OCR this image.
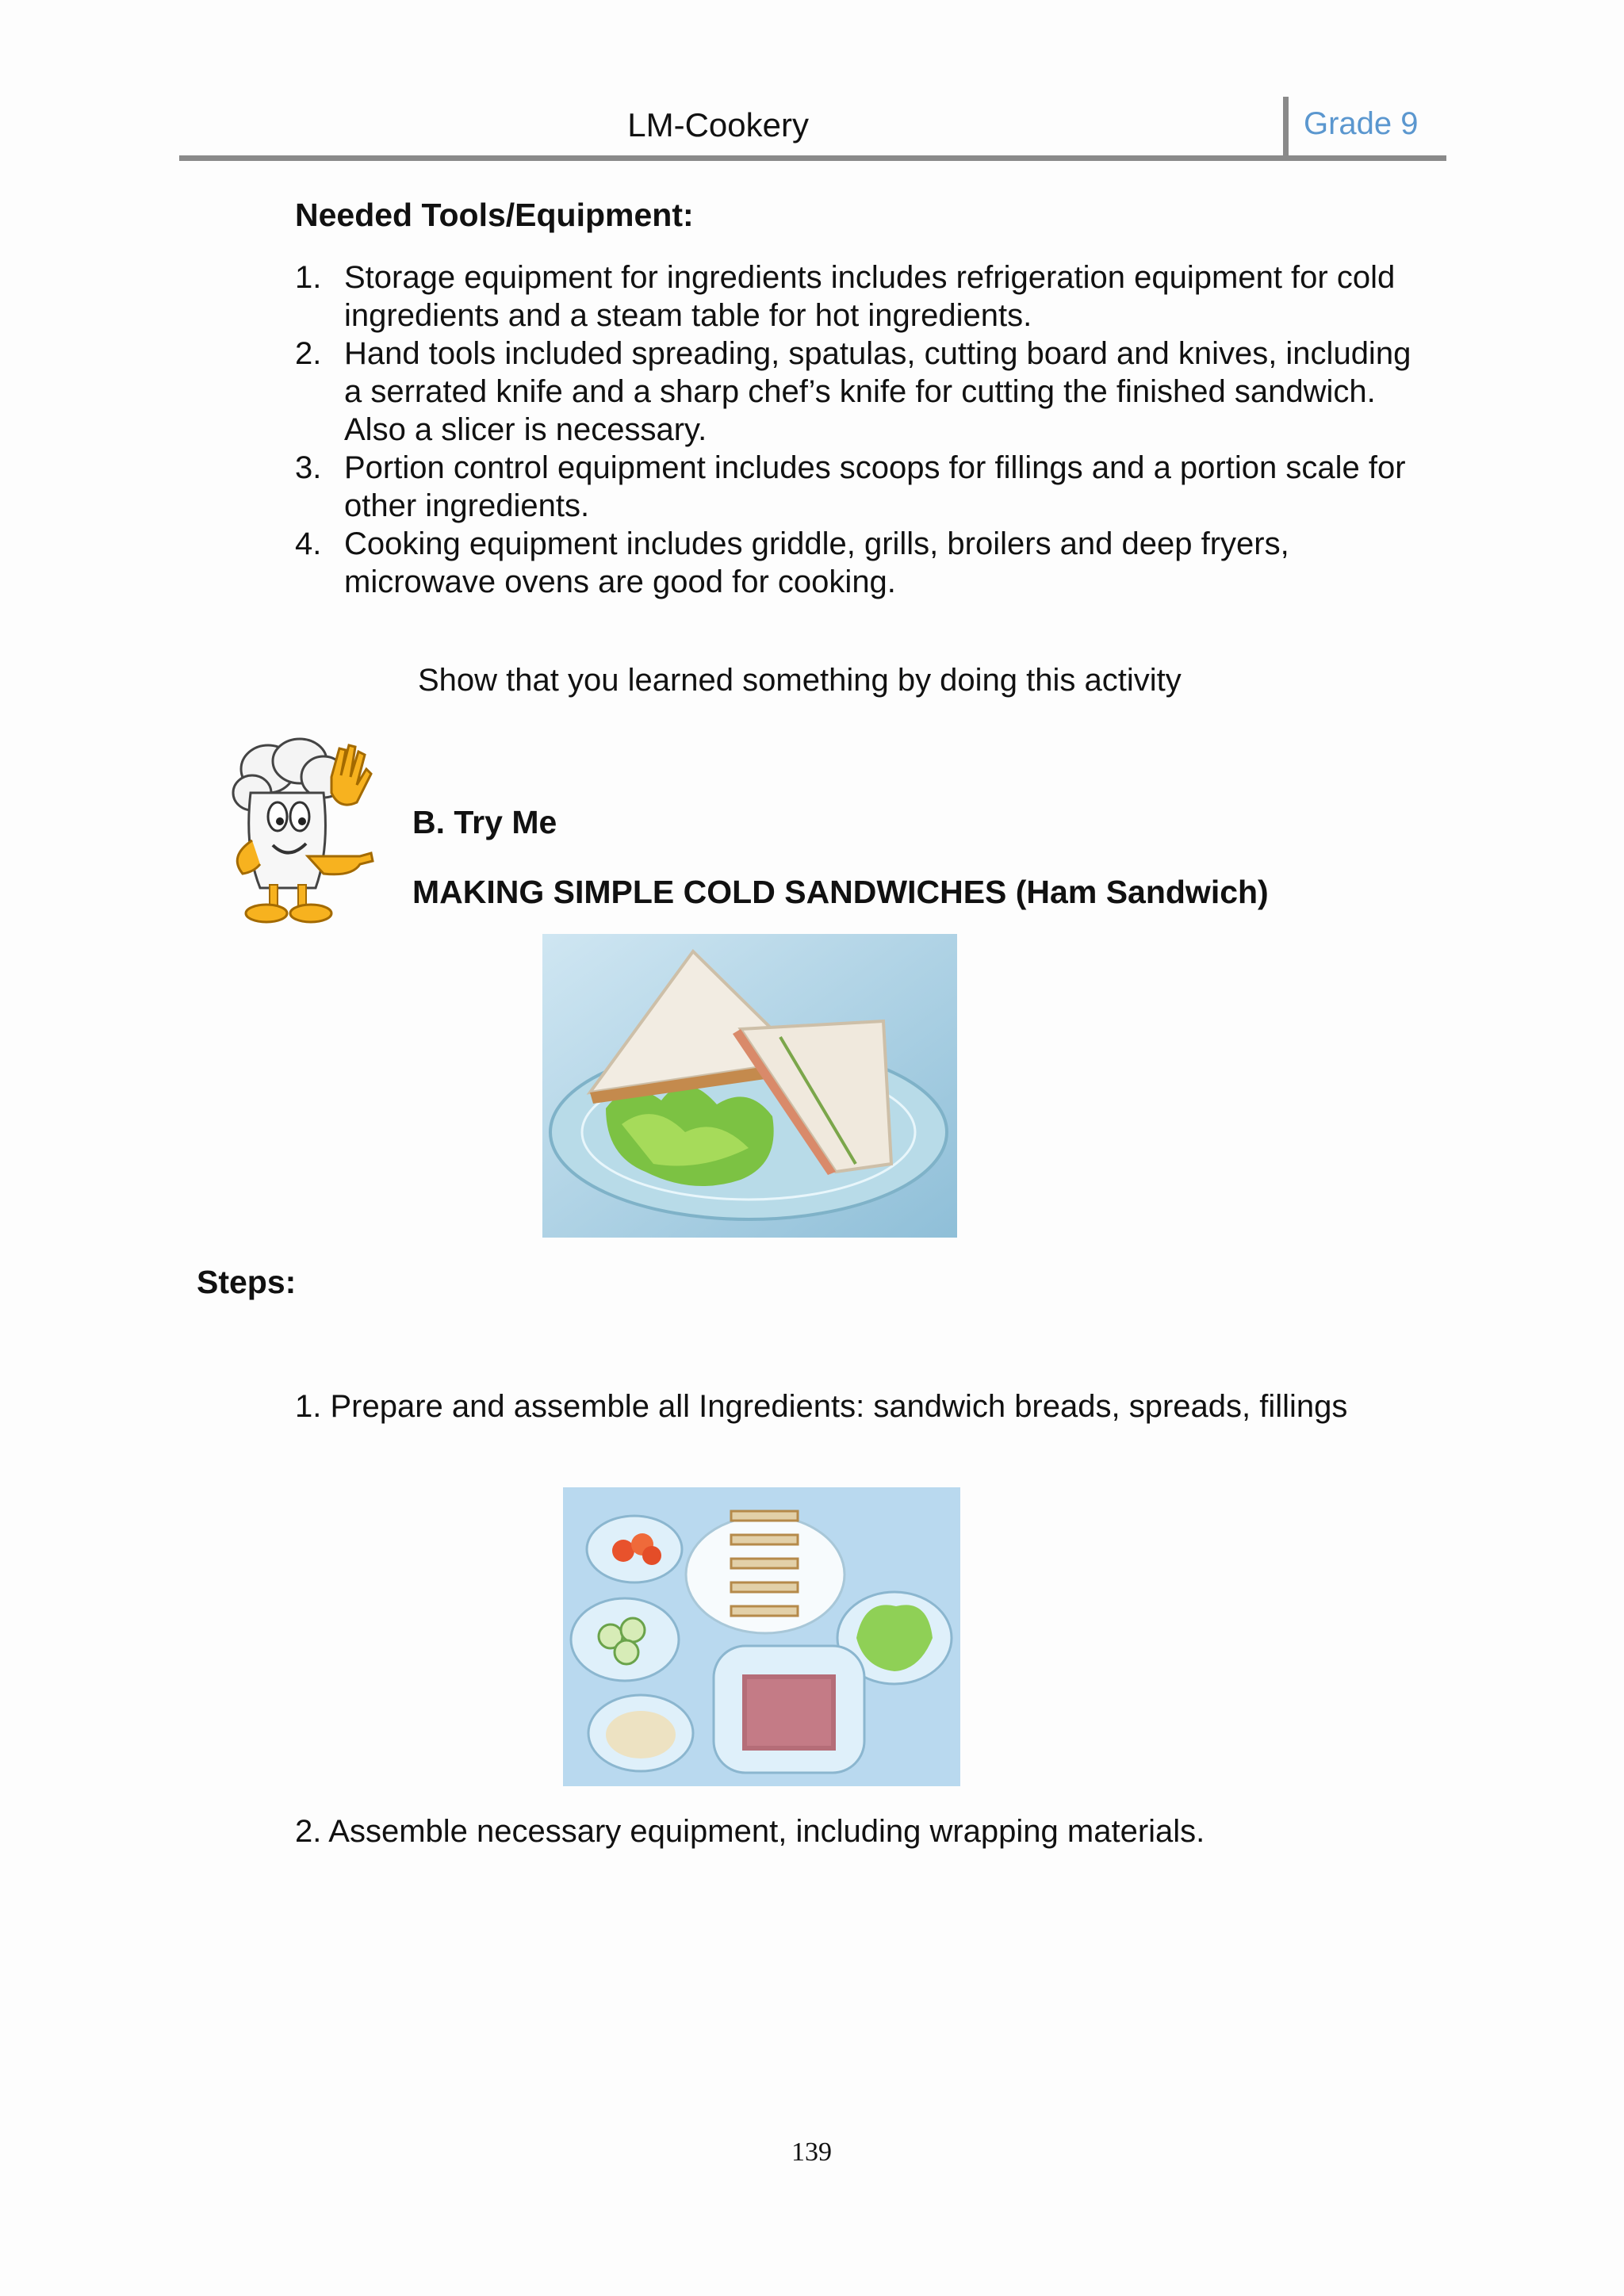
LM-Cookery	Grade 9
Needed Tools/Equipment:
1. Storage equipment for ingredients includes refrigeration equipment for cold ingredients and a steam table for hot ingredients.
2. Hand tools included spreading, spatulas, cutting board and knives, including a serrated knife and a sharp chef’s knife for cutting the finished sandwich. Also a slicer is necessary.
3. Portion control equipment includes scoops for fillings and a portion scale for other ingredients.
4. Cooking equipment includes griddle, grills, broilers and deep fryers, microwave ovens are good for cooking.
Show that you learned something by doing this activity
B. Try Me
MAKING SIMPLE COLD SANDWICHES (Ham Sandwich)
Steps:
1. Prepare and assemble all Ingredients: sandwich breads, spreads, fillings
2. Assemble necessary equipment, including wrapping materials.
139
